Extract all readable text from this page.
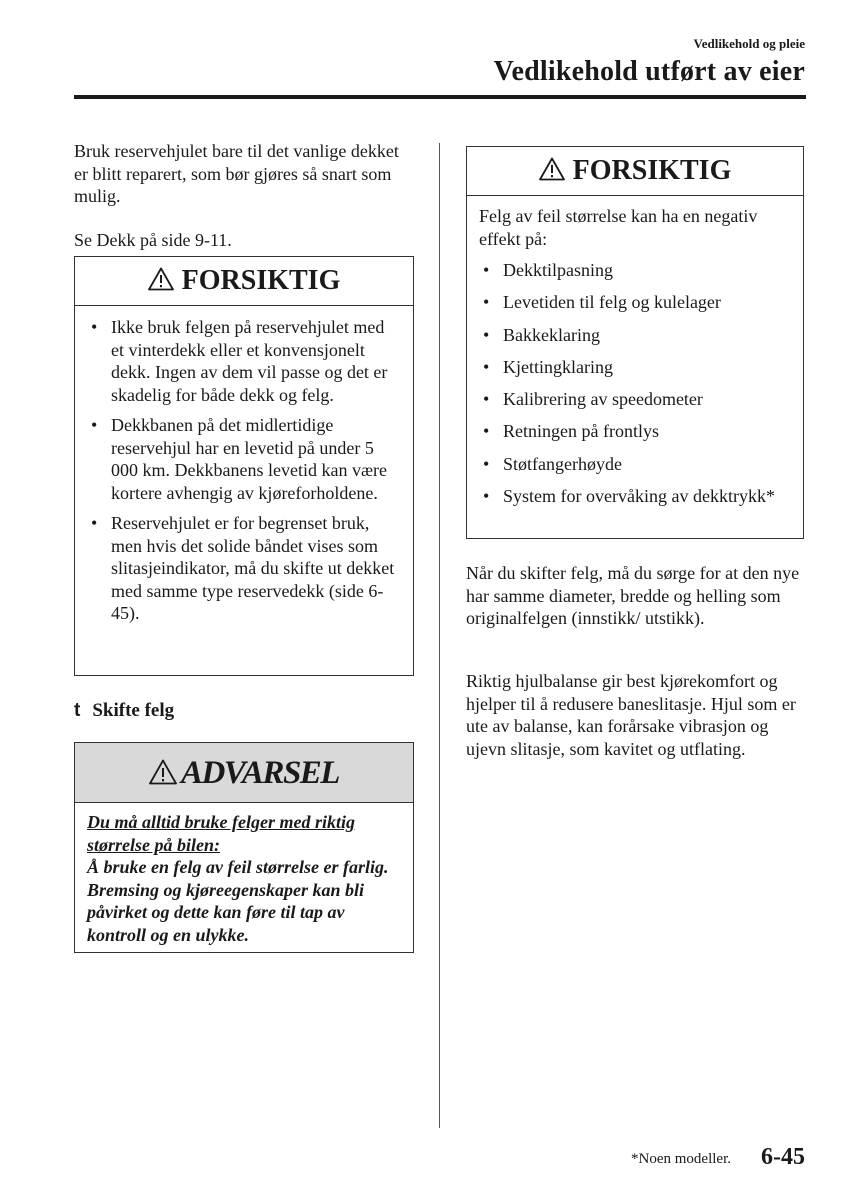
Vedlikehold og pleie
Vedlikehold utført av eier

Bruk reservehjulet bare til det vanlige dekket er blitt reparert, som bør gjøres så snart som mulig.

Se Dekk på side 9-11.

FORSIKTIG
• Ikke bruk felgen på reservehjulet med et vinterdekk eller et konvensjonelt dekk. Ingen av dem vil passe og det er skadelig for både dekk og felg.
• Dekkbanen på det midlertidige reservehjul har en levetid på under 5 000 km. Dekkbanens levetid kan være kortere avhengig av kjøreforholdene.
• Reservehjulet er for begrenset bruk, men hvis det solide båndet vises som slitasjeindikator, må du skifte ut dekket med samme type reservedekk (side 6-45).
t Skifte felg
ADVARSEL
Du må alltid bruke felger med riktig størrelse på bilen:
Å bruke en felg av feil størrelse er farlig. Bremsing og kjøreegenskaper kan bli påvirket og dette kan føre til tap av kontroll og en ulykke.
FORSIKTIG

Felg av feil størrelse kan ha en negativ effekt på:

• Dekktilpasning
• Levetiden til felg og kulelager
• Bakkeklaring
• Kjettingklaring
• Kalibrering av speedometer
• Retningen på frontlys
• Støtfangerhøyde
• System for overvåking av dekktrykk*

Når du skifter felg, må du sørge for at den nye har samme diameter, bredde og helling som originalfelgen (innstikk/ utstikk).

Riktig hjulbalanse gir best kjørekomfort og hjelper til å redusere baneslitasje. Hjul som er ute av balanse, kan forårsake vibrasjon og ujevn slitasje, som kavitet og utflating.

*Noen modeller. 6-45
